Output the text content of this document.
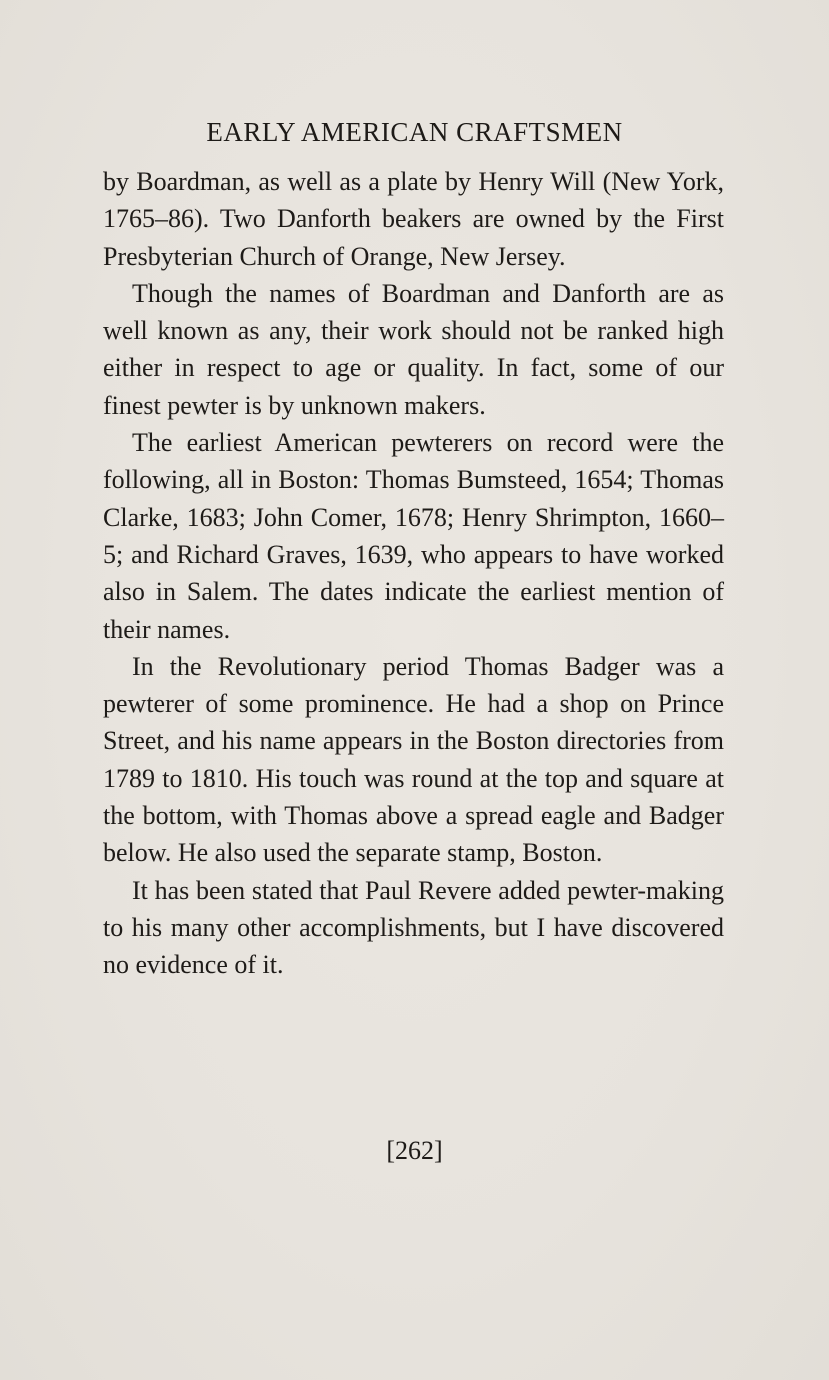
EARLY AMERICAN CRAFTSMEN

by Boardman, as well as a plate by Henry Will (New York, 1765–86). Two Danforth beakers are owned by the First Presbyterian Church of Orange, New Jersey.

Though the names of Boardman and Danforth are as well known as any, their work should not be ranked high either in respect to age or quality. In fact, some of our finest pewter is by unknown makers.

The earliest American pewterers on record were the following, all in Boston: Thomas Bumsteed, 1654; Thomas Clarke, 1683; John Comer, 1678; Henry Shrimpton, 1660–5; and Richard Graves, 1639, who appears to have worked also in Salem. The dates indicate the earliest mention of their names.

In the Revolutionary period Thomas Badger was a pewterer of some prominence. He had a shop on Prince Street, and his name appears in the Boston directories from 1789 to 1810. His touch was round at the top and square at the bottom, with Thomas above a spread eagle and Badger below. He also used the separate stamp, Boston.

It has been stated that Paul Revere added pewter-making to his many other accomplishments, but I have discovered no evidence of it.

[262]
